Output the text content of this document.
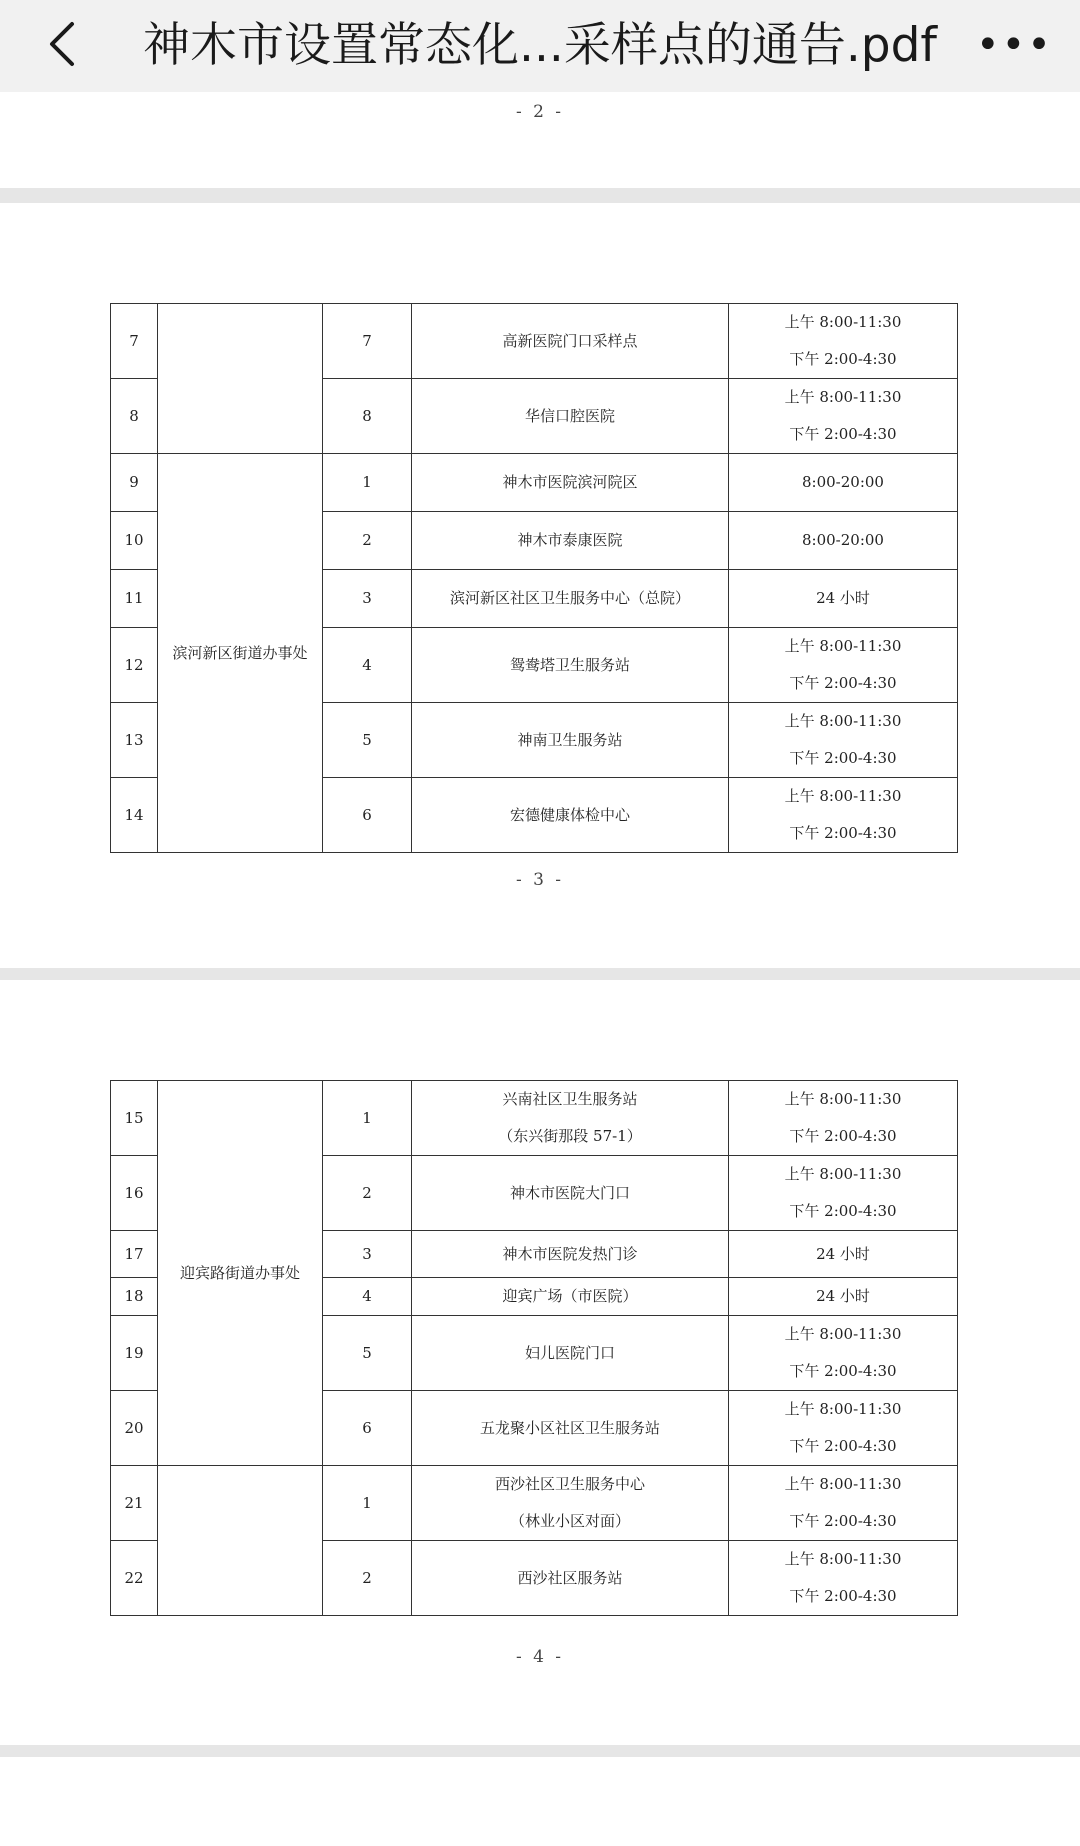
神木市设置常态化...采样点的通告.pdf •••
- 2 -
7		7	高新医院门口采样点	上午 8:00-11:30
下午 2:00-4:30

8		8	华信口腔医院	上午 8:00-11:30
下午 2:00-4:30

9	滨河新区街道办事处	1	神木市医院滨河院区	8:00-20:00

10		2	神木市泰康医院	8:00-20:00

11		3	滨河新区社区卫生服务中心（总院）	24 小时

12		4	鸳鸯塔卫生服务站	上午 8:00-11:30
下午 2:00-4:30

13		5	神南卫生服务站	上午 8:00-11:30
下午 2:00-4:30

14		6	宏德健康体检中心	上午 8:00-11:30
下午 2:00-4:30
- 3 -
15	迎宾路街道办事处	1	兴南社区卫生服务站
（东兴街那段 57-1）	上午 8:00-11:30
下午 2:00-4:30

16		2	神木市医院大门口	上午 8:00-11:30
下午 2:00-4:30

17		3	神木市医院发热门诊	24 小时

18		4	迎宾广场（市医院）	24 小时

19		5	妇儿医院门口	上午 8:00-11:30
下午 2:00-4:30

20		6	五龙聚小区社区卫生服务站	上午 8:00-11:30
下午 2:00-4:30

21		1	西沙社区卫生服务中心
（林业小区对面）	上午 8:00-11:30
下午 2:00-4:30

22		2	西沙社区服务站	上午 8:00-11:30
下午 2:00-4:30
- 4 -
